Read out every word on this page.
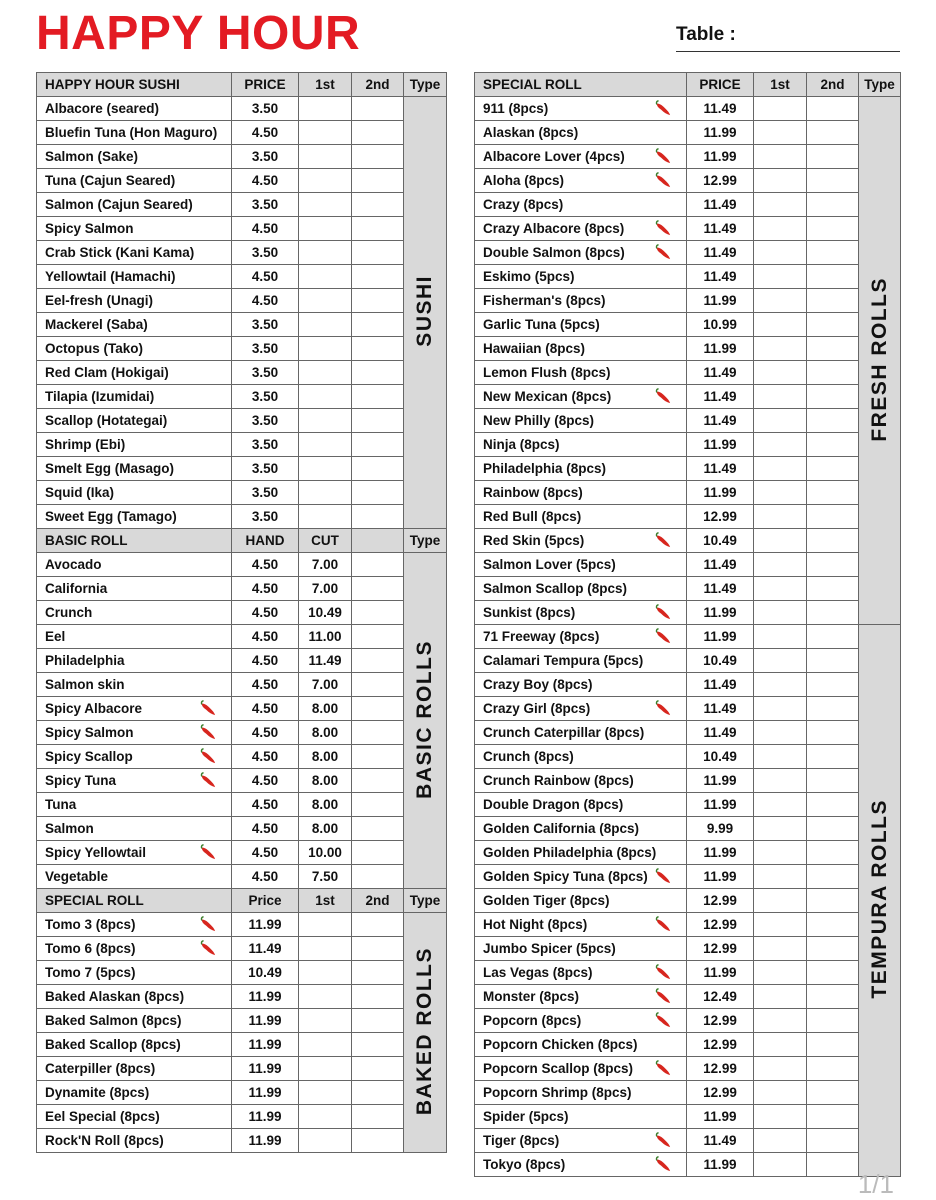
HAPPY HOUR	Table :
HAPPY HOUR SUSHI	PRICE	1st	2nd	Type
Albacore (seared)	3.50			SUSHI
Bluefin Tuna (Hon Maguro)	4.50			
Salmon (Sake)	3.50			
Tuna (Cajun Seared)	4.50			
Salmon (Cajun Seared)	3.50			
Spicy Salmon	4.50			
Crab Stick (Kani Kama)	3.50			
Yellowtail (Hamachi)	4.50			
Eel-fresh (Unagi)	4.50			
Mackerel (Saba)	3.50			
Octopus (Tako)	3.50			
Red Clam (Hokigai)	3.50			
Tilapia (Izumidai)	3.50			
Scallop (Hotategai)	3.50			
Shrimp (Ebi)	3.50			
Smelt Egg (Masago)	3.50			
Squid (Ika)	3.50			
Sweet Egg (Tamago)	3.50			
BASIC ROLL	HAND	CUT		Type
Avocado	4.50	7.00		BASIC ROLLS
California	4.50	7.00		
Crunch	4.50	10.49		
Eel	4.50	11.00		
Philadelphia	4.50	11.49		
Salmon skin	4.50	7.00		
Spicy Albacore	4.50	8.00		
Spicy Salmon	4.50	8.00		
Spicy Scallop	4.50	8.00		
Spicy Tuna	4.50	8.00		
Tuna	4.50	8.00		
Salmon	4.50	8.00		
Spicy Yellowtail	4.50	10.00		
Vegetable	4.50	7.50		
SPECIAL ROLL	Price	1st	2nd	Type
Tomo 3 (8pcs)	11.99			BAKED ROLLS
Tomo 6 (8pcs)	11.49			
Tomo 7 (5pcs)	10.49			
Baked Alaskan (8pcs)	11.99			
Baked Salmon (8pcs)	11.99			
Baked Scallop (8pcs)	11.99			
Caterpiller (8pcs)	11.99			
Dynamite (8pcs)	11.99			
Eel Special (8pcs)	11.99			
Rock'N Roll (8pcs)	11.99			
SPECIAL ROLL	PRICE	1st	2nd	Type
911 (8pcs)	11.49			FRESH ROLLS
Alaskan (8pcs)	11.99			
Albacore Lover (4pcs)	11.99			
Aloha (8pcs)	12.99			
Crazy (8pcs)	11.49			
Crazy Albacore (8pcs)	11.49			
Double Salmon (8pcs)	11.49			
Eskimo (5pcs)	11.49			
Fisherman's (8pcs)	11.99			
Garlic Tuna (5pcs)	10.99			
Hawaiian (8pcs)	11.99			
Lemon Flush (8pcs)	11.49			
New Mexican (8pcs)	11.49			
New Philly (8pcs)	11.49			
Ninja (8pcs)	11.99			
Philadelphia (8pcs)	11.49			
Rainbow (8pcs)	11.99			
Red Bull (8pcs)	12.99			
Red Skin (5pcs)	10.49			
Salmon Lover (5pcs)	11.49			
Salmon Scallop (8pcs)	11.49			
Sunkist (8pcs)	11.99			
71 Freeway (8pcs)	11.99			TEMPURA ROLLS
Calamari Tempura (5pcs)	10.49			
Crazy Boy (8pcs)	11.49			
Crazy Girl (8pcs)	11.49			
Crunch Caterpillar (8pcs)	11.49			
Crunch (8pcs)	10.49			
Crunch Rainbow (8pcs)	11.99			
Double Dragon (8pcs)	11.99			
Golden California (8pcs)	9.99			
Golden Philadelphia (8pcs)	11.99			
Golden Spicy Tuna (8pcs)	11.99			
Golden Tiger (8pcs)	12.99			
Hot Night (8pcs)	12.99			
Jumbo Spicer (5pcs)	12.99			
Las Vegas (8pcs)	11.99			
Monster (8pcs)	12.49			
Popcorn (8pcs)	12.99			
Popcorn Chicken (8pcs)	12.99			
Popcorn Scallop (8pcs)	12.99			
Popcorn Shrimp (8pcs)	12.99			
Spider (5pcs)	11.99			
Tiger (8pcs)	11.49			
Tokyo (8pcs)	11.99			
1/1
